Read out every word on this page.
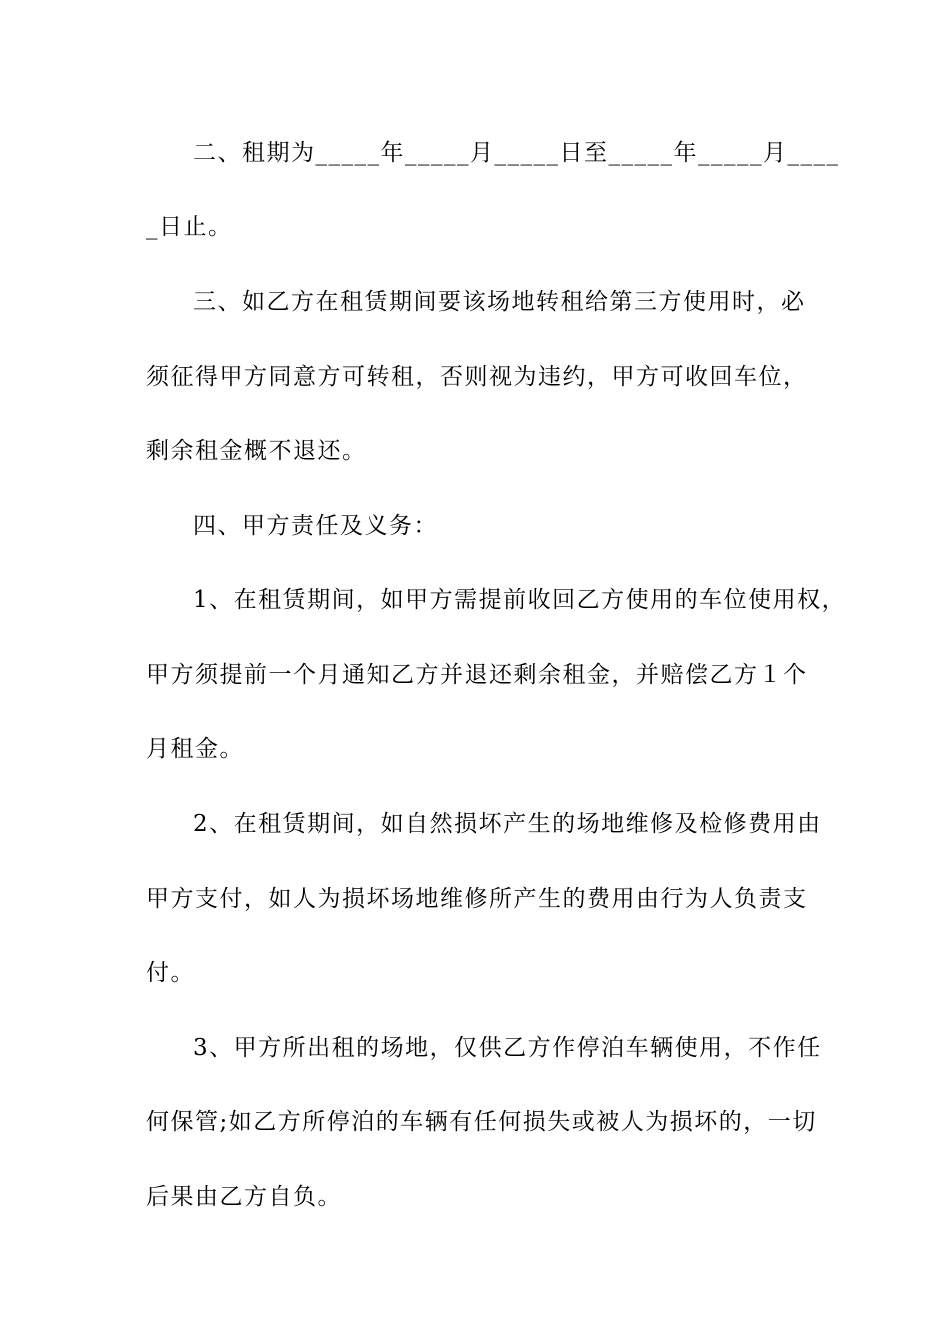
二、租期为_____年_____月_____日至_____年_____月____

_日止。

三、如乙方在租赁期间要该场地转租给第三方使用时，必

须征得甲方同意方可转租，否则视为违约，甲方可收回车位，

剩余租金概不退还。

四、甲方责任及义务：

1、在租赁期间，如甲方需提前收回乙方使用的车位使用权，

甲方须提前一个月通知乙方并退还剩余租金，并赔偿乙方１个

月租金。

2、在租赁期间，如自然损坏产生的场地维修及检修费用由

甲方支付，如人为损坏场地维修所产生的费用由行为人负责支

付。

3、甲方所出租的场地，仅供乙方作停泊车辆使用，不作任

何保管;如乙方所停泊的车辆有任何损失或被人为损坏的，一切

后果由乙方自负。
